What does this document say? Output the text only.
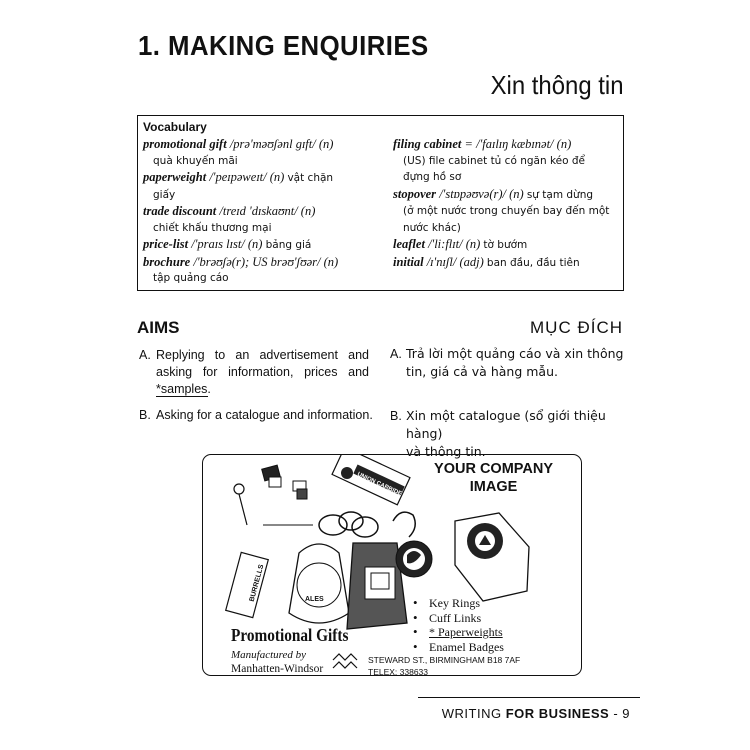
1. MAKING ENQUIRIES
Xin thông tin
Vocabulary
promotional gift /prə'məʊʃənl gɪft/ (n)
quà khuyến mãi
paperweight /'peɪpəweɪt/ (n) vật chặn
giấy
trade discount /treɪd 'dɪskaʊnt/ (n)
chiết khấu thương mại
price-list /'praɪs lɪst/ (n) bảng giá
brochure /'brəʊʃə(r); US brəʊ'ʃʊər/ (n)
tập quảng cáo
filing cabinet = /'faɪlɪŋ kæbɪnət/ (n)
(US) file cabinet tủ có ngăn kéo để
đựng hồ sơ
stopover /'stɒpəʊvə(r)/ (n) sự tạm dừng
(ở một nước trong chuyến bay đến một
nước khác)
leaflet /'li:flɪt/ (n) tờ bướm
initial /ɪ'nɪʃl/ (adj) ban đầu, đầu tiên
AIMS	MỤC ĐÍCH
A. Replying to an advertisement and
asking for information, prices and
*samples.
B. Asking for a catalogue and information.
A. Trả lời một quảng cáo và xin thông
tin, giá cả và hàng mẫu.
B. Xin một catalogue (sổ giới thiệu hàng)
và thông tin.
YOUR COMPANY
IMAGE
UNION CARBIDE
BURRELLS	ALES
•	Key Rings
• Cuff Links
• * Paperweights
• Enamel Badges
Promotional Gifts
Manufactured by
Manhatten-Windsor
STEWARD ST., BIRMINGHAM B18 7AF
TELEX: 338633
WRITING FOR BUSINESS - 9
